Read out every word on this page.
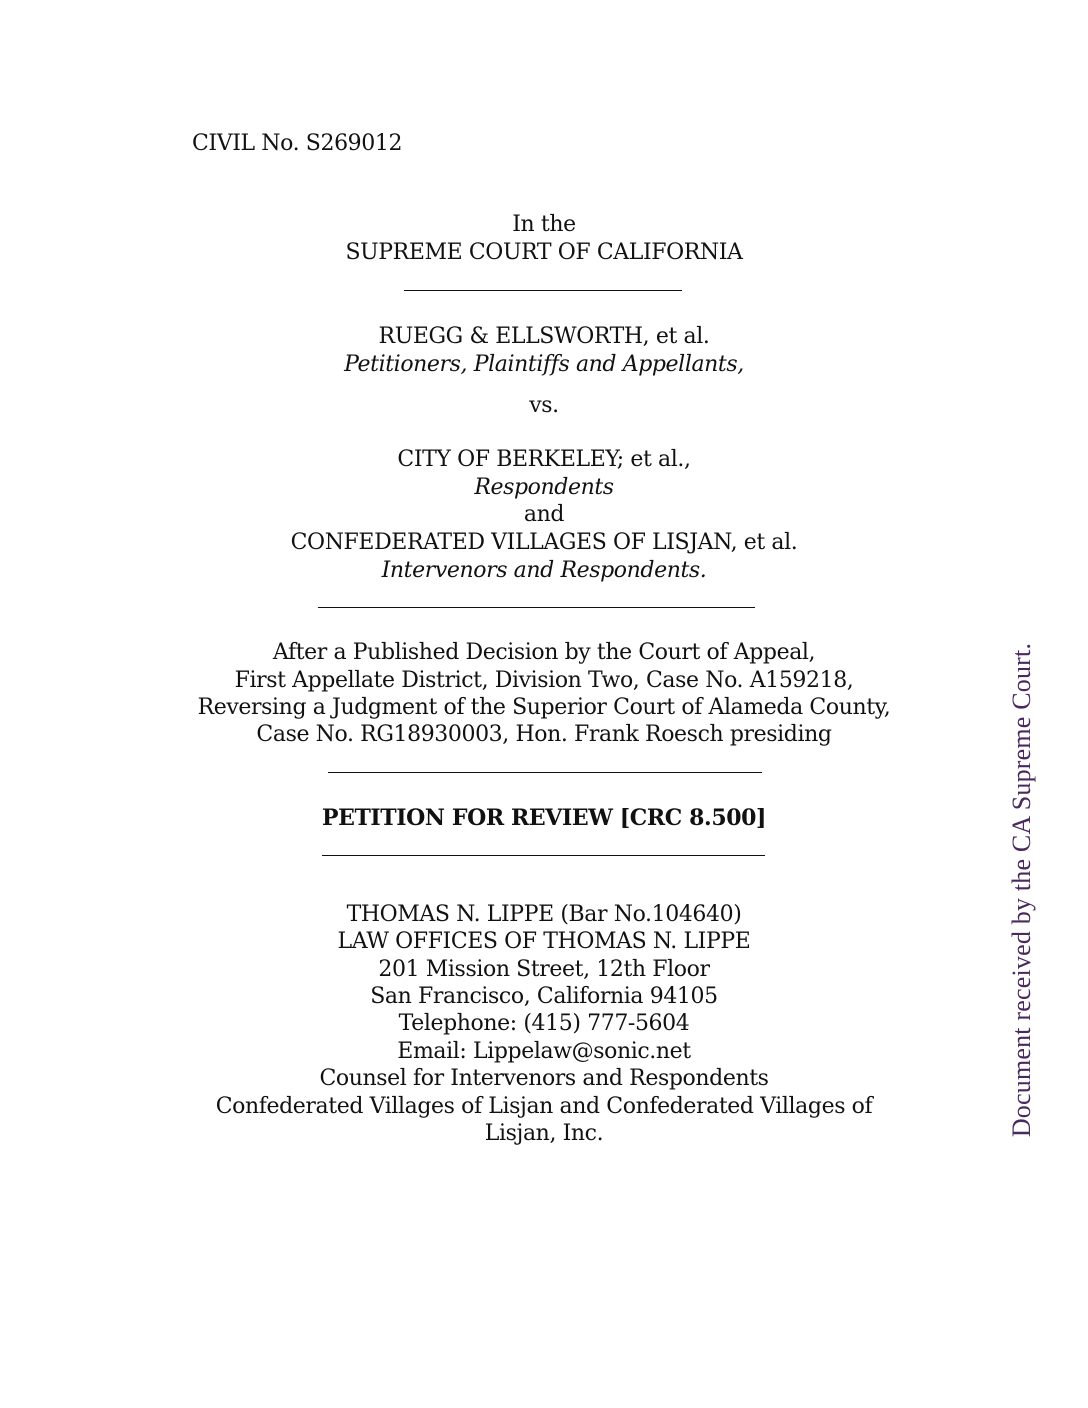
CIVIL No. S269012
In the
SUPREME COURT OF CALIFORNIA
RUEGG & ELLSWORTH, et al.
Petitioners, Plaintiffs and Appellants,
vs.
CITY OF BERKELEY; et al.,
Respondents
and
CONFEDERATED VILLAGES OF LISJAN, et al.
Intervenors and Respondents.
After a Published Decision by the Court of Appeal,
First Appellate District, Division Two, Case No. A159218,
Reversing a Judgment of the Superior Court of Alameda County,
Case No. RG18930003, Hon. Frank Roesch presiding
PETITION FOR REVIEW [CRC 8.500]
THOMAS N. LIPPE (Bar No.104640)
LAW OFFICES OF THOMAS N. LIPPE
201 Mission Street, 12th Floor
San Francisco, California 94105
Telephone: (415) 777-5604
Email: Lippelaw@sonic.net
Counsel for Intervenors and Respondents
Confederated Villages of Lisjan and Confederated Villages of
Lisjan, Inc.	Document received by the CA Supreme Court.
